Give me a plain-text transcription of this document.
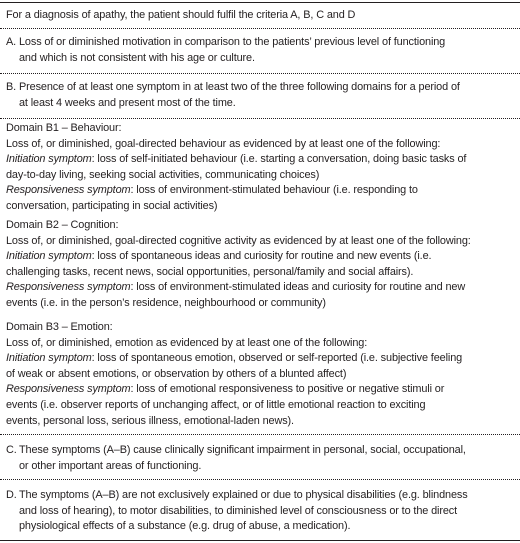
For a diagnosis of apathy, the patient should fulfil the criteria A, B, C and D
A. Loss of or diminished motivation in comparison to the patients’ previous level of functioning
and which is not consistent with his age or culture.
B. Presence of at least one symptom in at least two of the three following domains for a period of
at least 4 weeks and present most of the time.
Domain B1 – Behaviour:
Loss of, or diminished, goal-directed behaviour as evidenced by at least one of the following:
Initiation symptom: loss of self-initiated behaviour (i.e. starting a conversation, doing basic tasks of
day-to-day living, seeking social activities, communicating choices)
Responsiveness symptom: loss of environment-stimulated behaviour (i.e. responding to
conversation, participating in social activities)
Domain B2 – Cognition:
Loss of, or diminished, goal-directed cognitive activity as evidenced by at least one of the following:
Initiation symptom: loss of spontaneous ideas and curiosity for routine and new events (i.e.
challenging tasks, recent news, social opportunities, personal/family and social affairs).
Responsiveness symptom: loss of environment-stimulated ideas and curiosity for routine and new
events (i.e. in the person’s residence, neighbourhood or community)
Domain B3 – Emotion:
Loss of, or diminished, emotion as evidenced by at least one of the following:
Initiation symptom: loss of spontaneous emotion, observed or self-reported (i.e. subjective feeling
of weak or absent emotions, or observation by others of a blunted affect)
Responsiveness symptom: loss of emotional responsiveness to positive or negative stimuli or
events (i.e. observer reports of unchanging affect, or of little emotional reaction to exciting
events, personal loss, serious illness, emotional-laden news).
C. These symptoms (A–B) cause clinically significant impairment in personal, social, occupational,
or other important areas of functioning.
D. The symptoms (A–B) are not exclusively explained or due to physical disabilities (e.g. blindness
and loss of hearing), to motor disabilities, to diminished level of consciousness or to the direct
physiological effects of a substance (e.g. drug of abuse, a medication).
